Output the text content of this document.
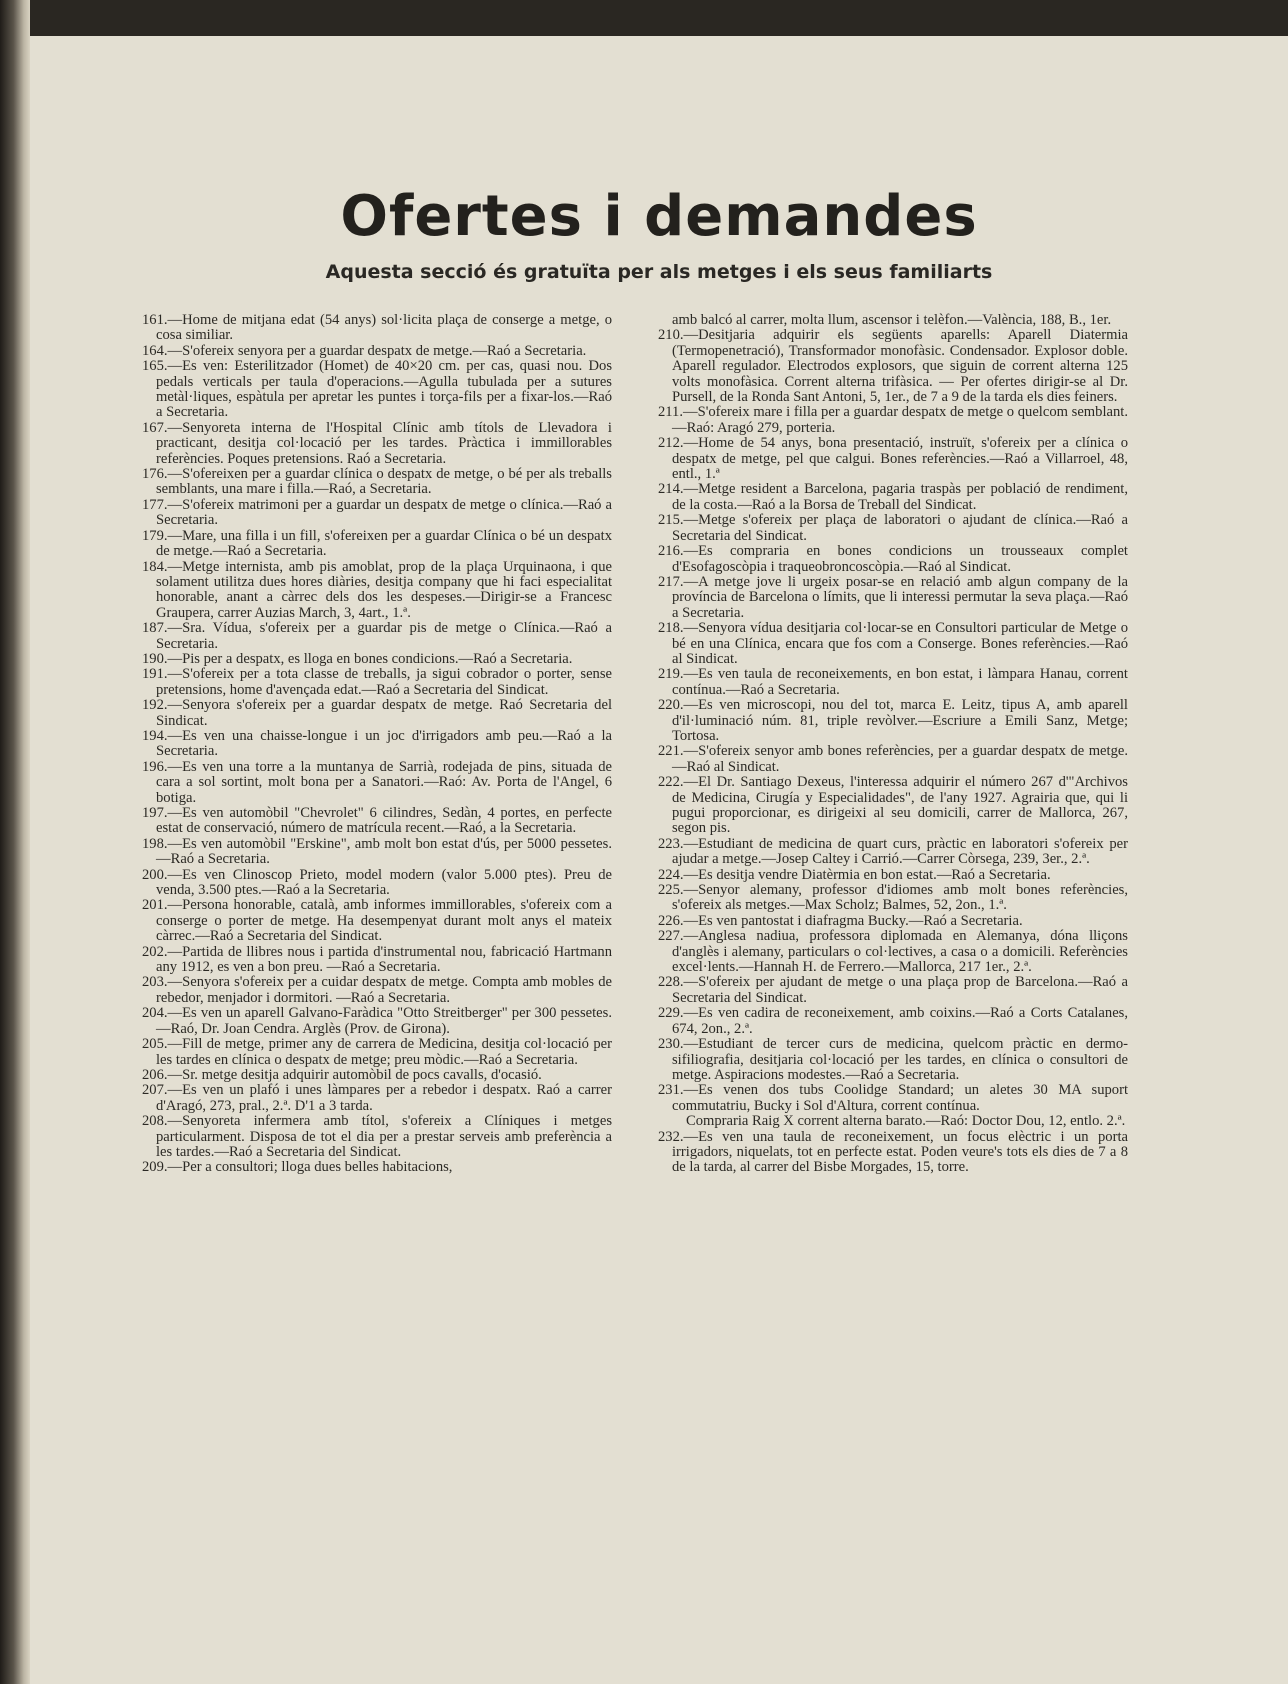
Ofertes i demandes

Aquesta secció és gratuïta per als metges i els seus familiarts

161.—Home de mitjana edat (54 anys) sol·licita plaça de conserge a metge, o cosa similiar.

164.—S'ofereix senyora per a guardar despatx de metge.—Raó a Secretaria.

165.—Es ven: Esterilitzador (Homet) de 40×20 cm. per cas, quasi nou. Dos pedals verticals per taula d'operacions.—Agulla tubulada per a sutures metàl·liques, espàtula per apretar les puntes i torça-fils per a fixar-los.—Raó a Secretaria.

167.—Senyoreta interna de l'Hospital Clínic amb títols de Llevadora i practicant, desitja col·locació per les tardes. Pràctica i immillorables referències. Poques pretensions. Raó a Secretaria.

176.—S'ofereixen per a guardar clínica o despatx de metge, o bé per als treballs semblants, una mare i filla.—Raó, a Secretaria.

177.—S'ofereix matrimoni per a guardar un despatx de metge o clínica.—Raó a Secretaria.

179.—Mare, una filla i un fill, s'ofereixen per a guardar Clínica o bé un despatx de metge.—Raó a Secretaria.

184.—Metge internista, amb pis amoblat, prop de la plaça Urquinaona, i que solament utilitza dues hores diàries, desitja company que hi faci especialitat honorable, anant a càrrec dels dos les despeses.—Dirigir-se a Francesc Graupera, carrer Auzias March, 3, 4art., 1.ª.

187.—Sra. Vídua, s'ofereix per a guardar pis de metge o Clínica.—Raó a Secretaria.

190.—Pis per a despatx, es lloga en bones condicions.—Raó a Secretaria.

191.—S'ofereix per a tota classe de treballs, ja sigui cobrador o porter, sense pretensions, home d'avençada edat.—Raó a Secretaria del Sindicat.

192.—Senyora s'ofereix per a guardar despatx de metge. Raó Secretaria del Sindicat.

194.—Es ven una chaisse-longue i un joc d'irrigadors amb peu.—Raó a la Secretaria.

196.—Es ven una torre a la muntanya de Sarrià, rodejada de pins, situada de cara a sol sortint, molt bona per a Sanatori.—Raó: Av. Porta de l'Angel, 6 botiga.

197.—Es ven automòbil "Chevrolet" 6 cilindres, Sedàn, 4 portes, en perfecte estat de conservació, número de matrícula recent.—Raó, a la Secretaria.

198.—Es ven automòbil "Erskine", amb molt bon estat d'ús, per 5000 pessetes.—Raó a Secretaria.

200.—Es ven Clinoscop Prieto, model modern (valor 5.000 ptes). Preu de venda, 3.500 ptes.—Raó a la Secretaria.

201.—Persona honorable, català, amb informes immillorables, s'ofereix com a conserge o porter de metge. Ha desempenyat durant molt anys el mateix càrrec.—Raó a Secretaria del Sindicat.

202.—Partida de llibres nous i partida d'instrumental nou, fabricació Hartmann any 1912, es ven a bon preu. —Raó a Secretaria.

203.—Senyora s'ofereix per a cuidar despatx de metge. Compta amb mobles de rebedor, menjador i dormitori. —Raó a Secretaria.

204.—Es ven un aparell Galvano-Faràdica "Otto Streitberger" per 300 pessetes.—Raó, Dr. Joan Cendra. Arglès (Prov. de Girona).

205.—Fill de metge, primer any de carrera de Medicina, desitja col·locació per les tardes en clínica o despatx de metge; preu mòdic.—Raó a Secretaria.

206.—Sr. metge desitja adquirir automòbil de pocs cavalls, d'ocasió.

207.—Es ven un plafó i unes làmpares per a rebedor i despatx. Raó a carrer d'Aragó, 273, pral., 2.ª. D'1 a 3 tarda.

208.—Senyoreta infermera amb títol, s'ofereix a Clíniques i metges particularment. Disposa de tot el dia per a prestar serveis amb preferència a les tardes.—Raó a Secretaria del Sindicat.

209.—Per a consultori; lloga dues belles habitacions,

amb balcó al carrer, molta llum, ascensor i telèfon.—València, 188, B., 1er.

210.—Desitjaria adquirir els següents aparells: Aparell Diatermia (Termopenetració), Transformador monofàsic. Condensador. Explosor doble. Aparell regulador. Electrodos explosors, que siguin de corrent alterna 125 volts monofàsica. Corrent alterna trifàsica. — Per ofertes dirigir-se al Dr. Pursell, de la Ronda Sant Antoni, 5, 1er., de 7 a 9 de la tarda els dies feiners.

211.—S'ofereix mare i filla per a guardar despatx de metge o quelcom semblant.—Raó: Aragó 279, porteria.

212.—Home de 54 anys, bona presentació, instruït, s'ofereix per a clínica o despatx de metge, pel que calgui. Bones referències.—Raó a Villarroel, 48, entl., 1.ª

214.—Metge resident a Barcelona, pagaria traspàs per població de rendiment, de la costa.—Raó a la Borsa de Treball del Sindicat.

215.—Metge s'ofereix per plaça de laboratori o ajudant de clínica.—Raó a Secretaria del Sindicat.

216.—Es compraria en bones condicions un trousseaux complet d'Esofagoscòpia i traqueobroncoscòpia.—Raó al Sindicat.

217.—A metge jove li urgeix posar-se en relació amb algun company de la província de Barcelona o límits, que li interessi permutar la seva plaça.—Raó a Secretaria.

218.—Senyora vídua desitjaria col·locar-se en Consultori particular de Metge o bé en una Clínica, encara que fos com a Conserge. Bones referències.—Raó al Sindicat.

219.—Es ven taula de reconeixements, en bon estat, i làmpara Hanau, corrent contínua.—Raó a Secretaria.

220.—Es ven microscopi, nou del tot, marca E. Leitz, tipus A, amb aparell d'il·luminació núm. 81, triple revòlver.—Escriure a Emili Sanz, Metge; Tortosa.

221.—S'ofereix senyor amb bones referències, per a guardar despatx de metge.—Raó al Sindicat.

222.—El Dr. Santiago Dexeus, l'interessa adquirir el número 267 d'"Archivos de Medicina, Cirugía y Especialidades", de l'any 1927. Agrairia que, qui li pugui proporcionar, es dirigeixi al seu domicili, carrer de Mallorca, 267, segon pis.

223.—Estudiant de medicina de quart curs, pràctic en laboratori s'ofereix per ajudar a metge.—Josep Caltey i Carrió.—Carrer Còrsega, 239, 3er., 2.ª.

224.—Es desitja vendre Diatèrmia en bon estat.—Raó a Secretaria.

225.—Senyor alemany, professor d'idiomes amb molt bones referències, s'ofereix als metges.—Max Scholz; Balmes, 52, 2on., 1.ª.

226.—Es ven pantostat i diafragma Bucky.—Raó a Secretaria.

227.—Anglesa nadiua, professora diplomada en Alemanya, dóna lliçons d'anglès i alemany, particulars o col·lectives, a casa o a domicili. Referències excel·lents.—Hannah H. de Ferrero.—Mallorca, 217 1er., 2.ª.

228.—S'ofereix per ajudant de metge o una plaça prop de Barcelona.—Raó a Secretaria del Sindicat.

229.—Es ven cadira de reconeixement, amb coixins.—Raó a Corts Catalanes, 674, 2on., 2.ª.

230.—Estudiant de tercer curs de medicina, quelcom pràctic en dermo-sifiliografia, desitjaria col·locació per les tardes, en clínica o consultori de metge. Aspiracions modestes.—Raó a Secretaria.

231.—Es venen dos tubs Coolidge Standard; un aletes 30 MA suport commutatriu, Bucky i Sol d'Altura, corrent contínua.

Compraria Raig X corrent alterna barato.—Raó: Doctor Dou, 12, entlo. 2.ª.

232.—Es ven una taula de reconeixement, un focus elèctric i un porta irrigadors, niquelats, tot en perfecte estat. Poden veure's tots els dies de 7 a 8 de la tarda, al carrer del Bisbe Morgades, 15, torre.
